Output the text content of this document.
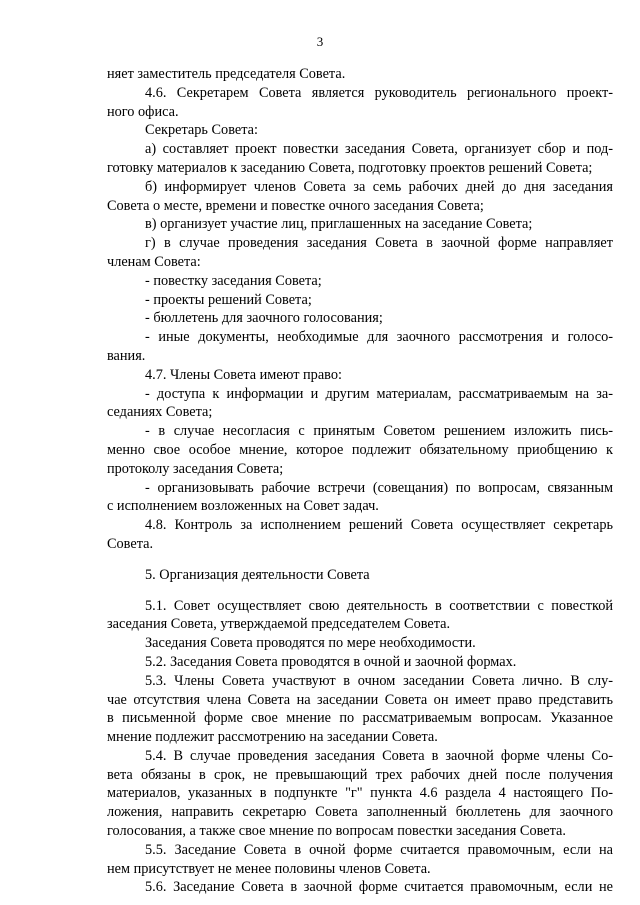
3
няет заместитель председателя Совета.
4.6. Секретарем Совета является руководитель регионального проект-
ного офиса.
Секретарь Совета:
а) составляет проект повестки заседания Совета, организует сбор и под-
готовку материалов к заседанию Совета, подготовку проектов решений Совета;
б) информирует членов Совета за семь рабочих дней до дня заседания
Совета о месте, времени и повестке очного заседания Совета;
в) организует участие лиц, приглашенных на заседание Совета;
г) в случае проведения заседания Совета в заочной форме направляет
членам Совета:
- повестку заседания Совета;
- проекты решений Совета;
- бюллетень для заочного голосования;
- иные документы, необходимые для заочного рассмотрения и голосо-
вания.
4.7. Члены Совета имеют право:
- доступа к информации и другим материалам, рассматриваемым на за-
седаниях Совета;
- в случае несогласия с принятым Советом решением изложить пись-
менно свое особое мнение, которое подлежит обязательному приобщению к
протоколу заседания Совета;
- организовывать рабочие встречи (совещания) по вопросам, связанным
с исполнением возложенных на Совет задач.
4.8. Контроль за исполнением решений Совета осуществляет секретарь
Совета.
5. Организация деятельности Совета
5.1. Совет осуществляет свою деятельность в соответствии с повесткой
заседания Совета, утверждаемой председателем Совета.
Заседания Совета проводятся по мере необходимости.
5.2. Заседания Совета проводятся в очной и заочной формах.
5.3. Члены Совета участвуют в очном заседании Совета лично. В слу-
чае отсутствия члена Совета на заседании Совета он имеет право представить
в письменной форме свое мнение по рассматриваемым вопросам. Указанное
мнение подлежит рассмотрению на заседании Совета.
5.4. В случае проведения заседания Совета в заочной форме члены Со-
вета обязаны в срок, не превышающий трех рабочих дней после получения
материалов, указанных в подпункте "г" пункта 4.6 раздела 4 настоящего По-
ложения, направить секретарю Совета заполненный бюллетень для заочного
голосования, а также свое мнение по вопросам повестки заседания Совета.
5.5. Заседание Совета в очной форме считается правомочным, если на
нем присутствует не менее половины членов Совета.
5.6. Заседание Совета в заочной форме считается правомочным, если не
